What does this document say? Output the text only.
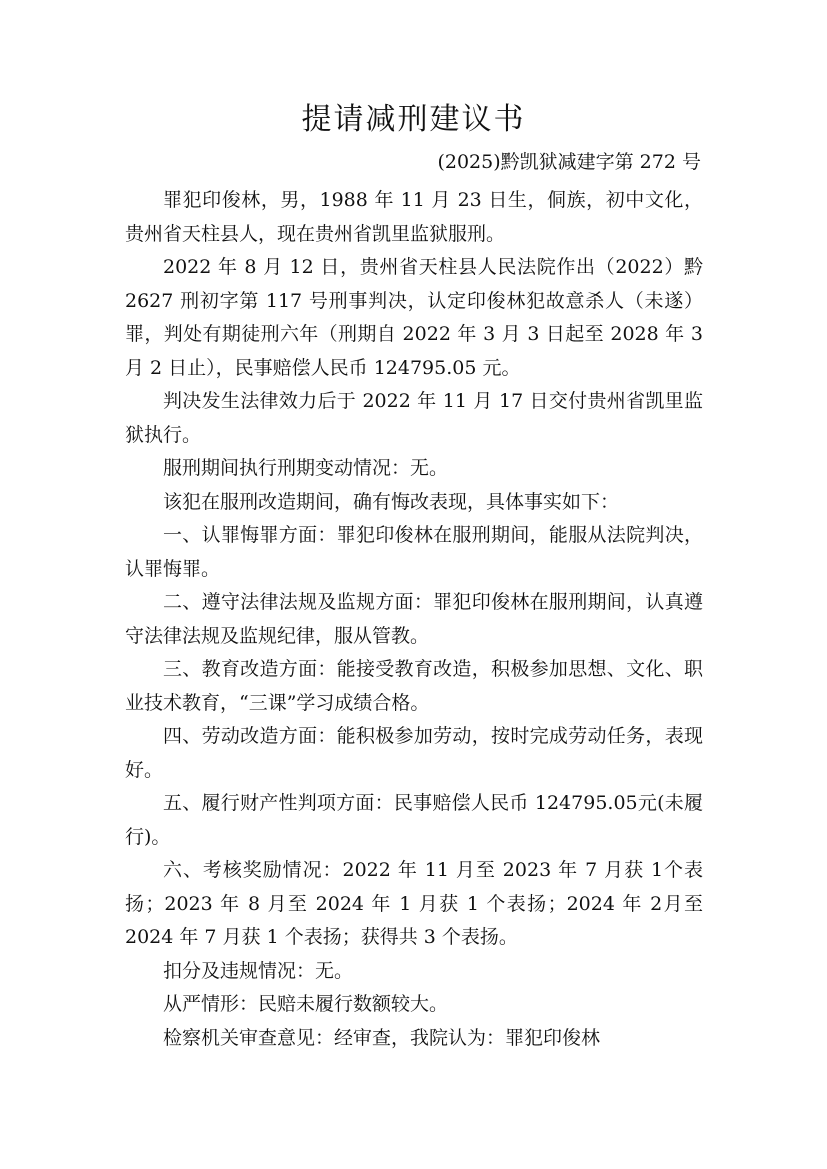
提请减刑建议书
(2025)黔凯狱减建字第 272 号

罪犯印俊林，男，1988 年 11 月 23 日生，侗族，初中文化，贵州省天柱县人，现在贵州省凯里监狱服刑。

2022 年 8 月 12 日，贵州省天柱县人民法院作出（2022）黔 2627 刑初字第 117 号刑事判决，认定印俊林犯故意杀人（未遂）罪，判处有期徒刑六年（刑期自 2022 年 3 月 3 日起至 2028 年 3 月 2 日止），民事赔偿人民币 124795.05 元。

判决发生法律效力后于 2022 年 11 月 17 日交付贵州省凯里监狱执行。

服刑期间执行刑期变动情况：无。

该犯在服刑改造期间，确有悔改表现，具体事实如下：

一、认罪悔罪方面：罪犯印俊林在服刑期间，能服从法院判决，认罪悔罪。

二、遵守法律法规及监规方面：罪犯印俊林在服刑期间，认真遵守法律法规及监规纪律，服从管教。

三、教育改造方面：能接受教育改造，积极参加思想、文化、职业技术教育，“三课”学习成绩合格。

四、劳动改造方面：能积极参加劳动，按时完成劳动任务，表现好。

五、履行财产性判项方面：民事赔偿人民币 124795.05元(未履行)。

六、考核奖励情况：2022 年 11 月至 2023 年 7 月获 1个表扬；2023 年 8 月至 2024 年 1 月获 1 个表扬；2024 年 2月至 2024 年 7 月获 1 个表扬；获得共 3 个表扬。

扣分及违规情况：无。

从严情形：民赔未履行数额较大。

检察机关审查意见：经审查，我院认为：罪犯印俊林
